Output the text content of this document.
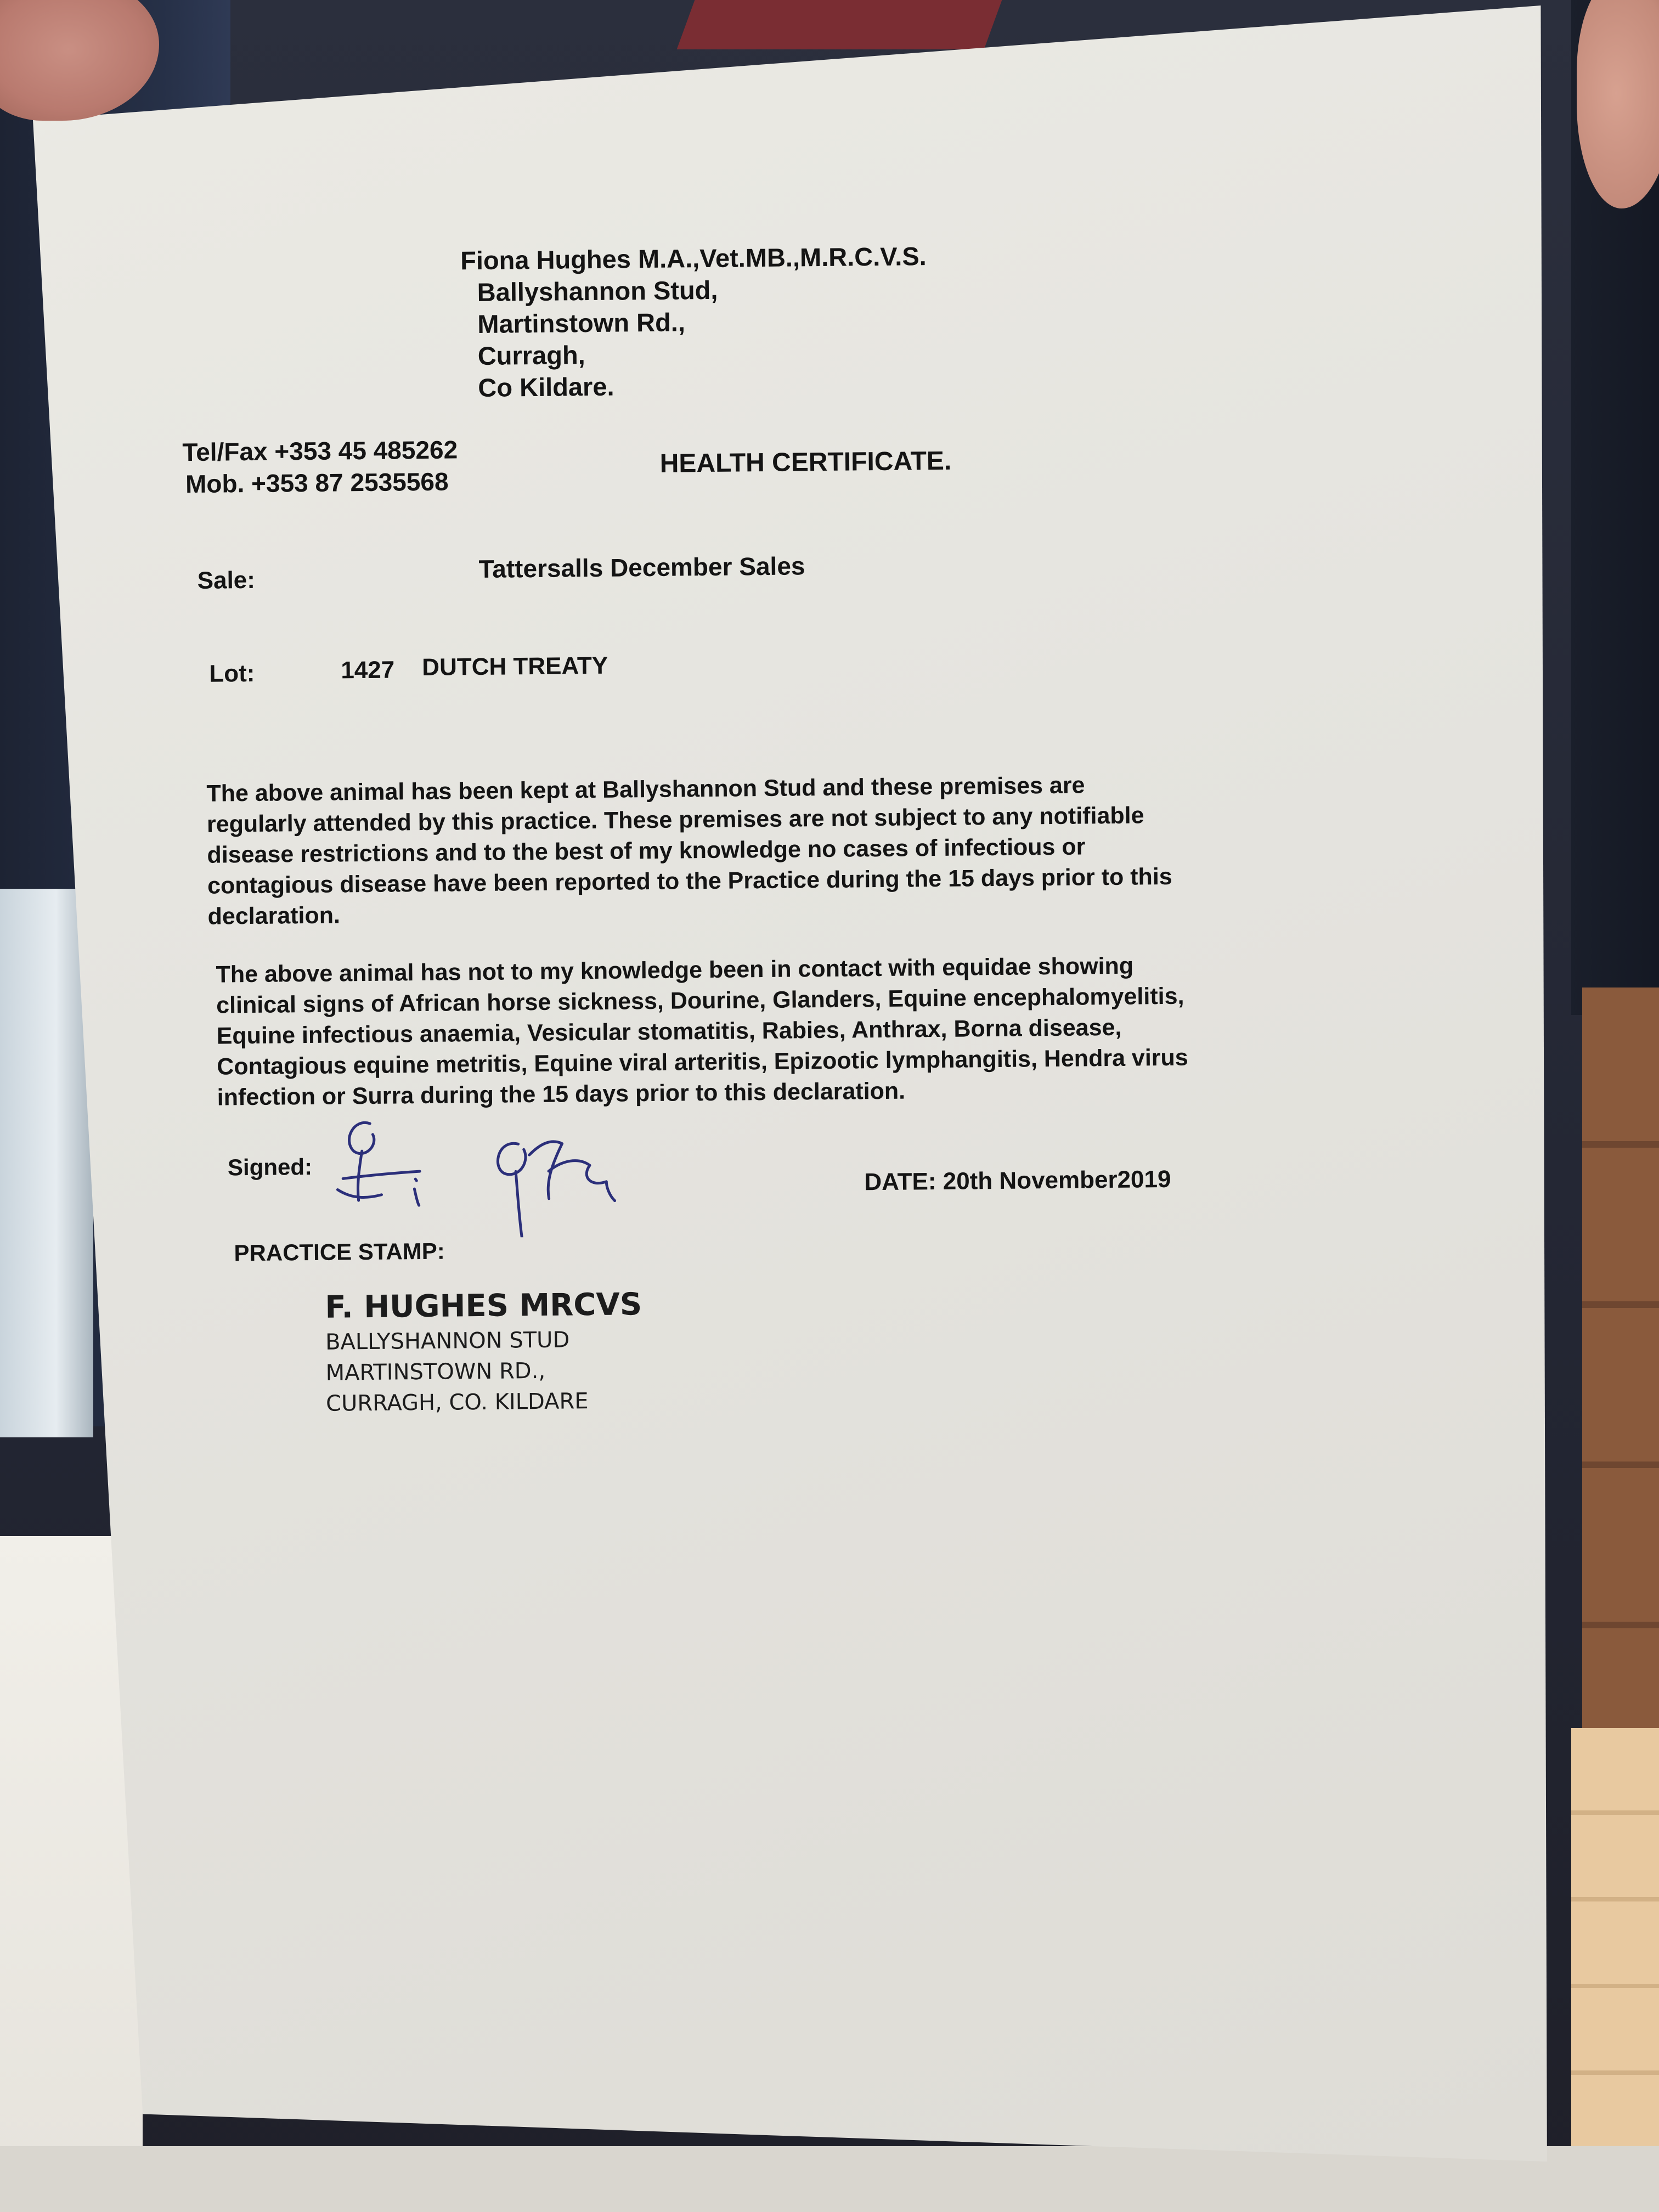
Fiona Hughes M.A.,Vet.MB.,M.R.C.V.S.
Ballyshannon Stud,
Martinstown Rd.,
Curragh,
Co Kildare.
Tel/Fax +353 45 485262
Mob. +353 87 2535568
HEALTH CERTIFICATE.
Sale:	Tattersalls December Sales
Lot:	1427 DUTCH TREATY
The above animal has been kept at Ballyshannon Stud and these premises are
regularly attended by this practice. These premises are not subject to any notifiable
disease restrictions and to the best of my knowledge no cases of infectious or
contagious disease have been reported to the Practice during the 15 days prior to this
declaration.
The above animal has not to my knowledge been in contact with equidae showing
clinical signs of African horse sickness, Dourine, Glanders, Equine encephalomyelitis,
Equine infectious anaemia, Vesicular stomatitis, Rabies, Anthrax, Borna disease,
Contagious equine metritis, Equine viral arteritis, Epizootic lymphangitis, Hendra virus
infection or Surra during the 15 days prior to this declaration.
Signed:	DATE: 20th November2019
PRACTICE STAMP:
F. HUGHES MRCVS
BALLYSHANNON STUD
MARTINSTOWN RD.,
CURRAGH, CO. KILDARE
